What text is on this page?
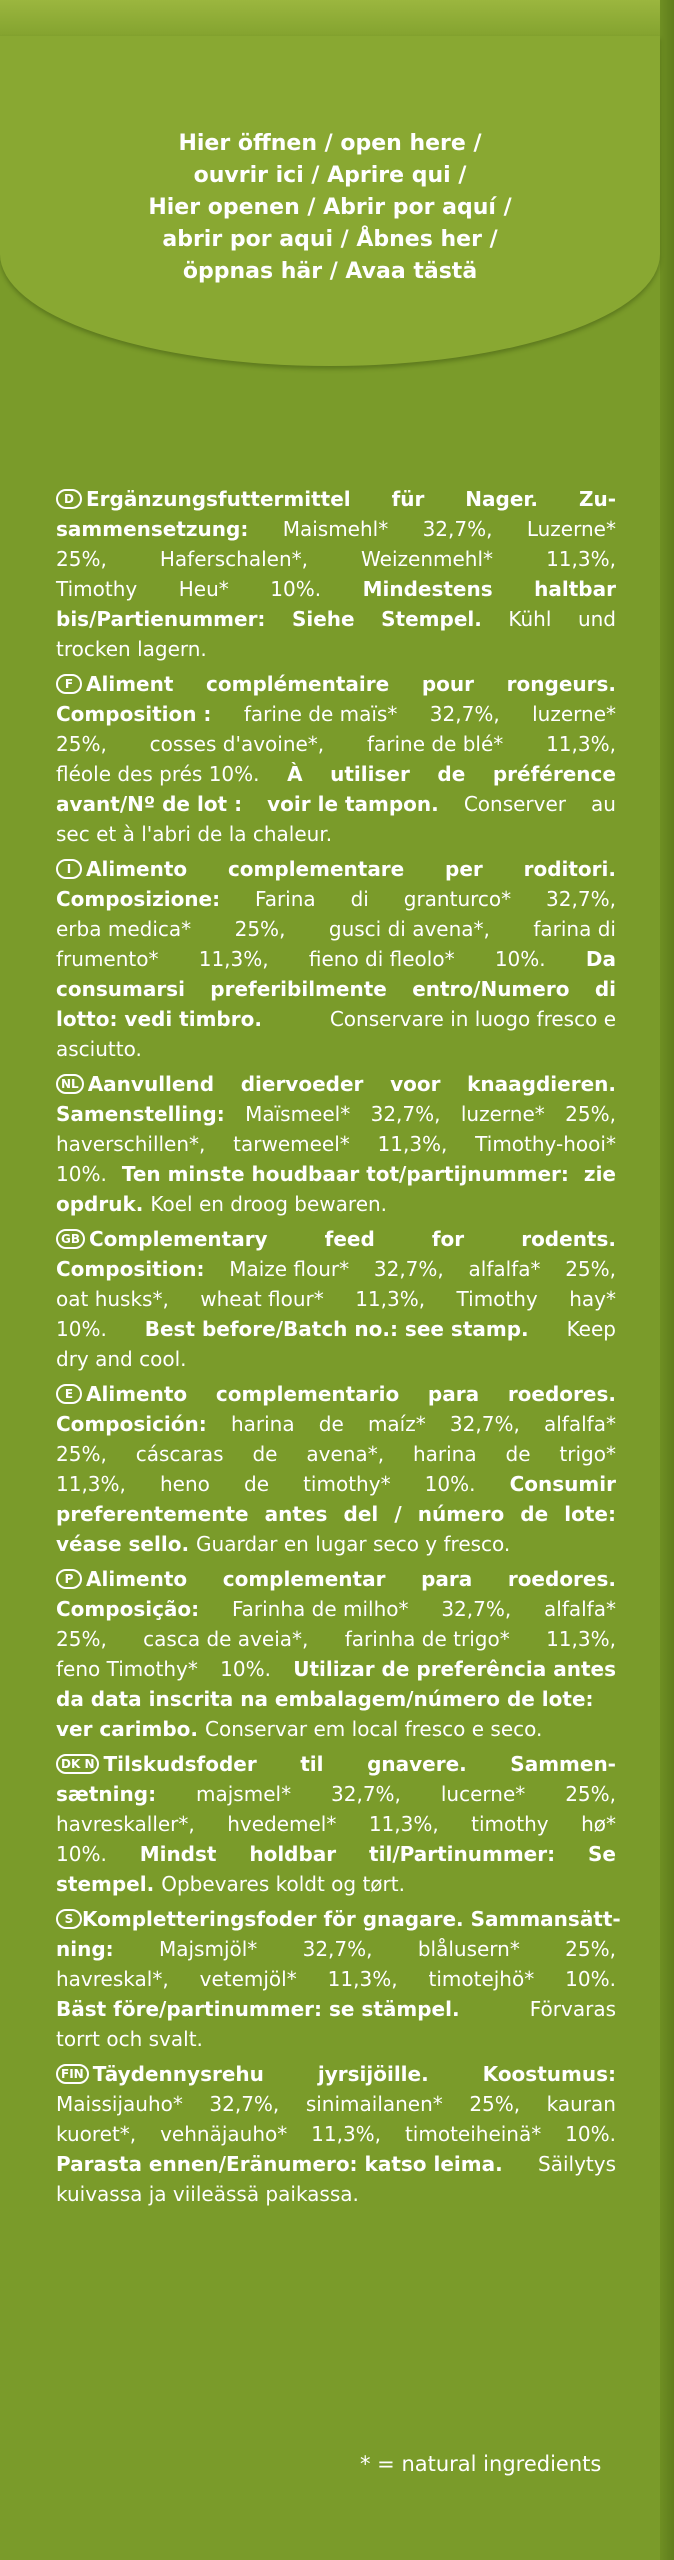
Hier öffnen / open here /
ouvrir ici / Aprire qui /
Hier openen / Abrir por aquí /
abrir por aqui / Åbnes her /
öppnas här / Avaa tästä
D Ergänzungsfuttermittel für Nager. Zu-
sammensetzung: Maismehl* 32,7%, Luzerne*
25%,	Haferschalen*,	Weizenmehl*	11,3%,
Timothy Heu* 10%. Mindestens haltbar
bis/Partienummer: Siehe Stempel. Kühl und
trocken lagern.
F Aliment complémentaire pour rongeurs.
Composition : farine de maïs* 32,7%, luzerne*
25%, cosses d'avoine*, farine de blé* 11,3%,
fléole des prés 10%. À utiliser de préférence
avant/Nº de lot : voir le tampon. Conserver au
sec et à l'abri de la chaleur.
I Alimento complementare per roditori.
Composizione: Farina di granturco* 32,7%,
erba medica* 25%, gusci di avena*, farina di
frumento* 11,3%, fieno di fleolo* 10%. Da
consumarsi preferibilmente entro/Numero di
lotto: vedi timbro.	Conservare in luogo fresco e
asciutto.
NL Aanvullend diervoeder voor knaagdieren.
Samenstelling: Maïsmeel* 32,7%, luzerne* 25%,
haverschillen*, tarwemeel* 11,3%, Timothy-hooi*
10%. Ten minste houdbaar tot/partijnummer: zie
opdruk. Koel en droog bewaren.
GB Complementary	feed	for	rodents.
Composition: Maize flour* 32,7%, alfalfa* 25%,
oat husks*, wheat flour* 11,3%, Timothy hay*
10%. Best before/Batch no.: see stamp. Keep
dry and cool.
E Alimento complementario para roedores.
Composición: harina de maíz* 32,7%, alfalfa*
25%, cáscaras de avena*, harina de trigo*
11,3%, heno de timothy* 10%. Consumir
preferentemente antes del / número de lote:
véase sello. Guardar en lugar seco y fresco.
P Alimento complementar para roedores.
Composição: Farinha de milho* 32,7%, alfalfa*
25%, casca de aveia*, farinha de trigo* 11,3%,
feno Timothy* 10%. Utilizar de preferência antes
da data inscrita na embalagem/número de lote:
ver carimbo. Conservar em local fresco e seco.
DK N Tilskudsfoder til gnavere. Sammen-
sætning: majsmel* 32,7%, lucerne* 25%,
havreskaller*, hvedemel* 11,3%, timothy hø*
10%. Mindst holdbar til/Partinummer: Se
stempel. Opbevares koldt og tørt.
S Kompletteringsfoder för gnagare. Sammansätt-
ning: Majsmjöl* 32,7%, blålusern* 25%,
havreskal*, vetemjöl* 11,3%, timotejhö* 10%.
Bäst före/partinummer: se stämpel.	Förvaras
torrt och svalt.
FIN Täydennysrehu	jyrsijöille.	Koostumus:
Maissijauho* 32,7%, sinimailanen* 25%, kauran
kuoret*, vehnäjauho* 11,3%, timoteiheinä* 10%.
Parasta ennen/Eränumero: katso leima. Säilytys
kuivassa ja viileässä paikassa.
* = natural ingredients
